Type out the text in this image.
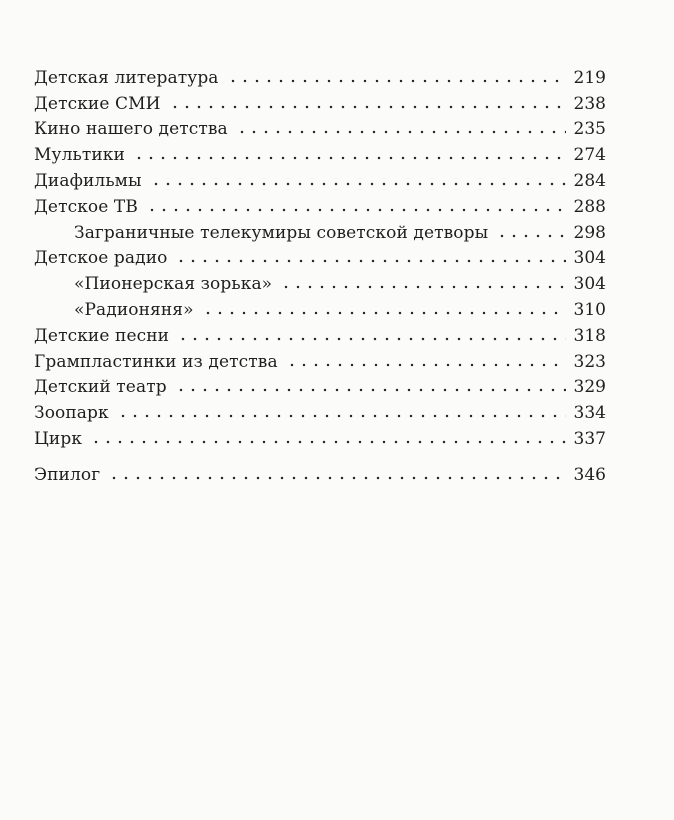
Детская литература	219
Детские СМИ	238
Кино нашего детства	235
Мультики	274
Диафильмы	284
Детское ТВ	288
Заграничные телекумиры советской детворы	298
Детское радио	304
«Пионерская зорька»	304
«Радионяня»	310
Детские песни	318
Грампластинки из детства	323
Детский театр	329
Зоопарк	334
Цирк	337
Эпилог	346
